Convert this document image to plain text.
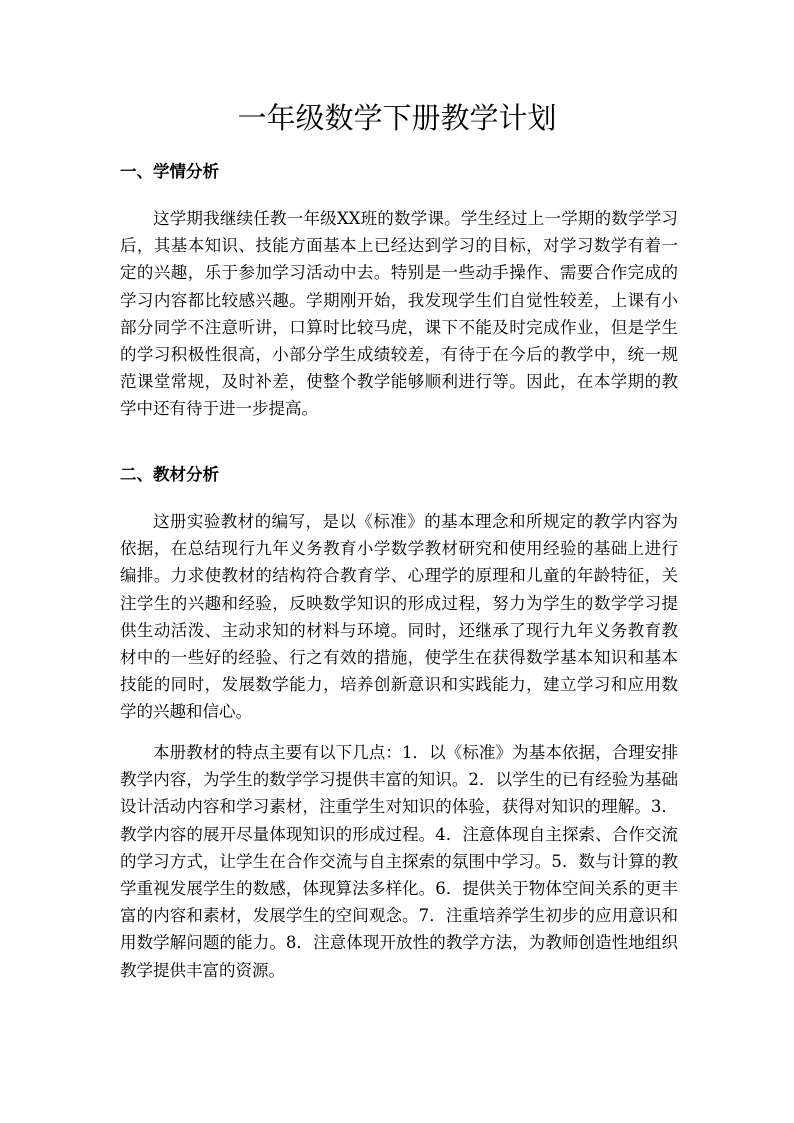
一年级数学下册教学计划
一、学情分析

这学期我继续任教一年级XX班的数学课。学生经过上一学期的数学学习后，其基本知识、技能方面基本上已经达到学习的目标，对学习数学有着一定的兴趣，乐于参加学习活动中去。特别是一些动手操作、需要合作完成的学习内容都比较感兴趣。学期刚开始，我发现学生们自觉性较差，上课有小部分同学不注意听讲，口算时比较马虎，课下不能及时完成作业，但是学生的学习积极性很高，小部分学生成绩较差，有待于在今后的教学中，统一规范课堂常规，及时补差，使整个教学能够顺利进行等。因此，在本学期的教学中还有待于进一步提高。

二、教材分析

这册实验教材的编写，是以《标准》的基本理念和所规定的教学内容为依据，在总结现行九年义务教育小学数学教材研究和使用经验的基础上进行编排。力求使教材的结构符合教育学、心理学的原理和儿童的年龄特征，关注学生的兴趣和经验，反映数学知识的形成过程，努力为学生的数学学习提供生动活泼、主动求知的材料与环境。同时，还继承了现行九年义务教育教材中的一些好的经验、行之有效的措施，使学生在获得数学基本知识和基本技能的同时，发展数学能力，培养创新意识和实践能力，建立学习和应用数学的兴趣和信心。

本册教材的特点主要有以下几点：1．以《标准》为基本依据，合理安排教学内容，为学生的数学学习提供丰富的知识。2．以学生的已有经验为基础设计活动内容和学习素材，注重学生对知识的体验，获得对知识的理解。3．教学内容的展开尽量体现知识的形成过程。4．注意体现自主探索、合作交流的学习方式，让学生在合作交流与自主探索的氛围中学习。5．数与计算的教学重视发展学生的数感，体现算法多样化。6．提供关于物体空间关系的更丰富的内容和素材，发展学生的空间观念。7．注重培养学生初步的应用意识和用数学解问题的能力。8．注意体现开放性的教学方法，为教师创造性地组织教学提供丰富的资源。
